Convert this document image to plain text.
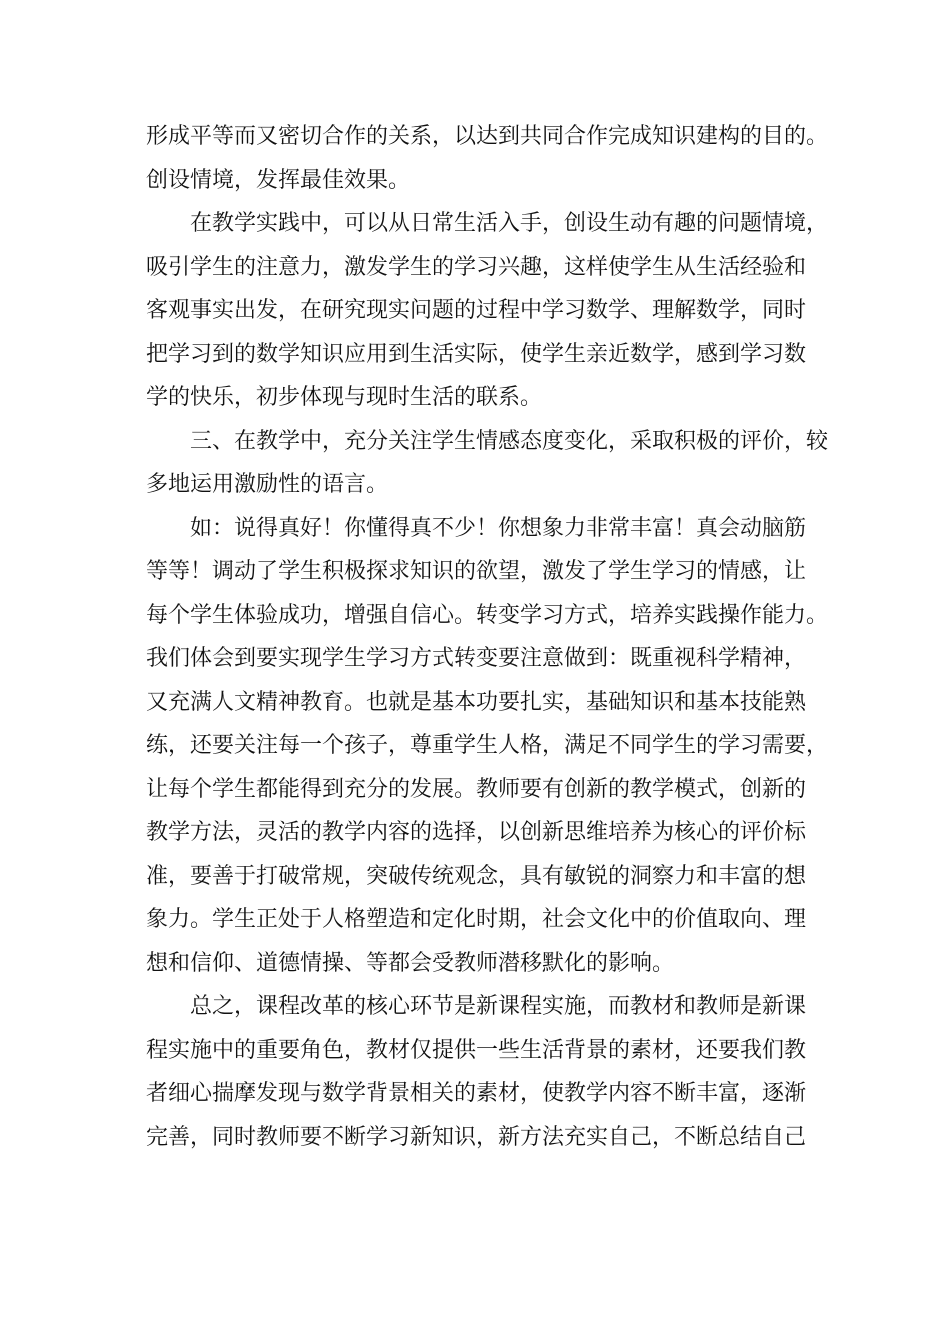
形成平等而又密切合作的关系，以达到共同合作完成知识建构的目的。
创设情境，发挥最佳效果。
在教学实践中，可以从日常生活入手，创设生动有趣的问题情境，
吸引学生的注意力，激发学生的学习兴趣，这样使学生从生活经验和
客观事实出发，在研究现实问题的过程中学习数学、理解数学，同时
把学习到的数学知识应用到生活实际，使学生亲近数学，感到学习数
学的快乐，初步体现与现时生活的联系。
三、在教学中，充分关注学生情感态度变化，采取积极的评价，较
多地运用激励性的语言。
如：说得真好！你懂得真不少！你想象力非常丰富！真会动脑筋
等等！调动了学生积极探求知识的欲望，激发了学生学习的情感，让
每个学生体验成功，增强自信心。转变学习方式，培养实践操作能力。
我们体会到要实现学生学习方式转变要注意做到：既重视科学精神，
又充满人文精神教育。也就是基本功要扎实，基础知识和基本技能熟
练，还要关注每一个孩子，尊重学生人格，满足不同学生的学习需要，
让每个学生都能得到充分的发展。教师要有创新的教学模式，创新的
教学方法，灵活的教学内容的选择，以创新思维培养为核心的评价标
准，要善于打破常规，突破传统观念，具有敏锐的洞察力和丰富的想
象力。学生正处于人格塑造和定化时期，社会文化中的价值取向、理
想和信仰、道德情操、等都会受教师潜移默化的影响。
总之，课程改革的核心环节是新课程实施，而教材和教师是新课
程实施中的重要角色，教材仅提供一些生活背景的素材，还要我们教
者细心揣摩发现与数学背景相关的素材，使教学内容不断丰富，逐渐
完善，同时教师要不断学习新知识，新方法充实自己，不断总结自己
